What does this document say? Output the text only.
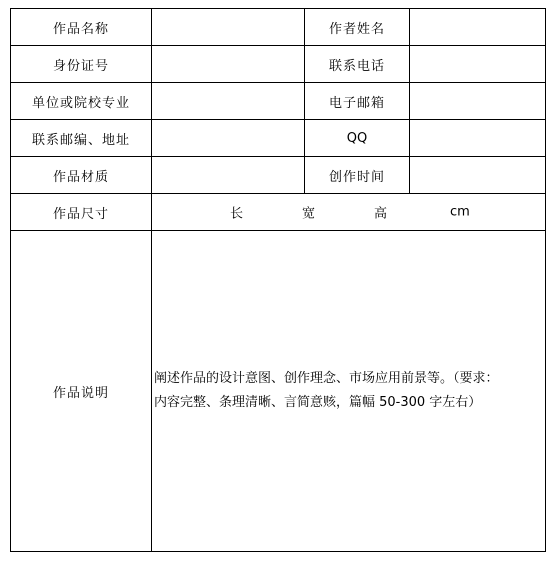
作品名称		作者姓名	
身份证号		联系电话	
单位或院校专业		电子邮箱	
联系邮编、地址		QQ	
作品材质		创作时间	
作品尺寸	长 宽 高 cm		

作品说明	阐述作品的设计意图、创作理念、市场应用前景等。（要求：
内容完整、条理清晰、言简意赅，篇幅 50-300 字左右）		
